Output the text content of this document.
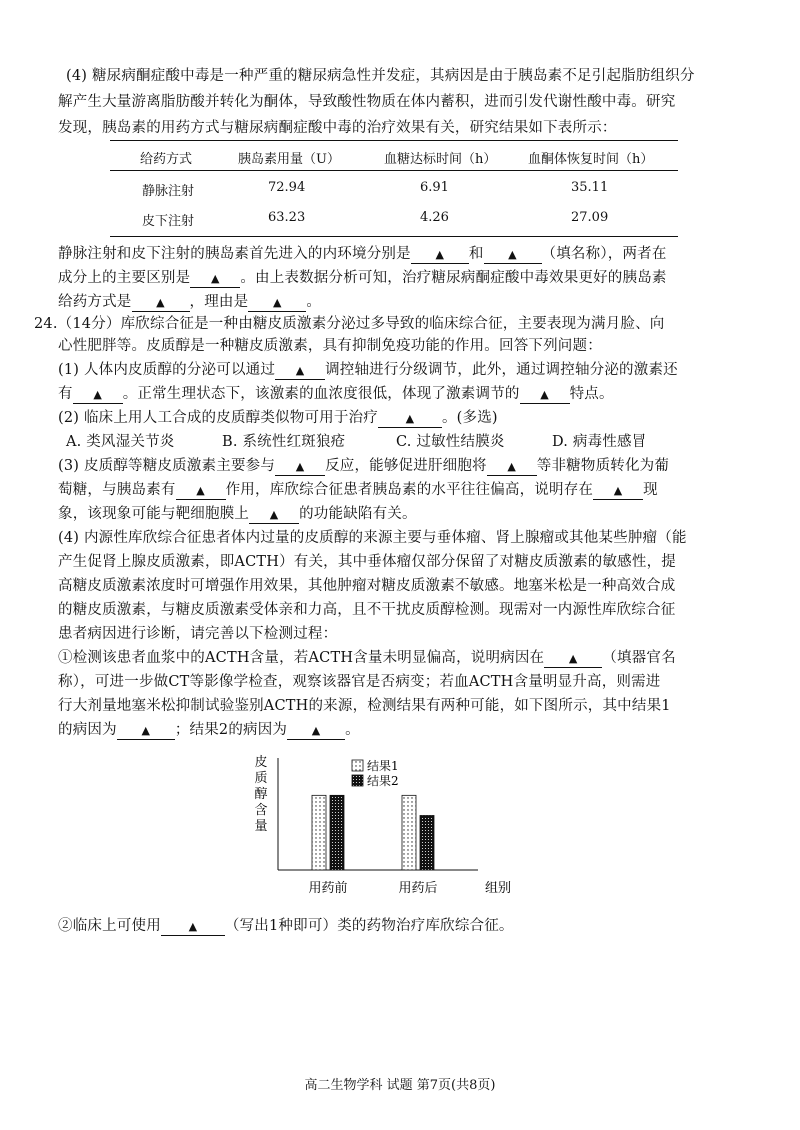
(4) 糖尿病酮症酸中毒是一种严重的糖尿病急性并发症，其病因是由于胰岛素不足引起脂肪组织分
解产生大量游离脂肪酸并转化为酮体，导致酸性物质在体内蓄积，进而引发代谢性酸中毒。研究
发现，胰岛素的用药方式与糖尿病酮症酸中毒的治疗效果有关，研究结果如下表所示：
给药方式	胰岛素用量（U）	血糖达标时间（h） 血酮体恢复时间（h）
静脉注射	72.94	6.91	35.11
皮下注射	63.23	4.26	27.09
静脉注射和皮下注射的胰岛素首先进入的内环境分别是 ▲ 和 ▲ （填名称），两者在
成分上的主要区别是 ▲ 。由上表数据分析可知，治疗糖尿病酮症酸中毒效果更好的胰岛素
给药方式是 ▲ ，理由是 ▲ 。
24.（14分）库欣综合征是一种由糖皮质激素分泌过多导致的临床综合征，主要表现为满月脸、向
心性肥胖等。皮质醇是一种糖皮质激素，具有抑制免疫功能的作用。回答下列问题：
(1) 人体内皮质醇的分泌可以通过 ▲ 调控轴进行分级调节，此外，通过调控轴分泌的激素还
有 ▲ 。正常生理状态下，该激素的血浓度很低，体现了激素调节的 ▲ 特点。
(2) 临床上用人工合成的皮质醇类似物可用于治疗	▲ 。(多选)
A. 类风湿关节炎	B. 系统性红斑狼疮	C. 过敏性结膜炎	D. 病毒性感冒
(3) 皮质醇等糖皮质激素主要参与 ▲ 反应，能够促进肝细胞将 ▲ 等非糖物质转化为葡
萄糖，与胰岛素有 ▲ 作用，库欣综合征患者胰岛素的水平往往偏高，说明存在 ▲ 现
象，该现象可能与靶细胞膜上 ▲ 的功能缺陷有关。
(4) 内源性库欣综合征患者体内过量的皮质醇的来源主要与垂体瘤、肾上腺瘤或其他某些肿瘤（能
产生促肾上腺皮质激素，即ACTH）有关，其中垂体瘤仅部分保留了对糖皮质激素的敏感性，提
高糖皮质激素浓度时可增强作用效果，其他肿瘤对糖皮质激素不敏感。地塞米松是一种高效合成
的糖皮质激素，与糖皮质激素受体亲和力高，且不干扰皮质醇检测。现需对一内源性库欣综合征
患者病因进行诊断，请完善以下检测过程：
①检测该患者血浆中的ACTH含量，若ACTH含量未明显偏高，说明病因在 ▲ （填器官名
称），可进一步做CT等影像学检查，观察该器官是否病变；若血ACTH含量明显升高，则需进
行大剂量地塞米松抑制试验鉴别ACTH的来源，检测结果有两种可能，如下图所示，其中结果1
的病因为 ▲ ；结果2的病因为 ▲ 。
皮
质
醇
含
量
组别
用药前	用药后
结果1
结果2
②临床上可使用	▲ （写出1种即可）类的药物治疗库欣综合征。
高二生物学科 试题 第7页(共8页)
